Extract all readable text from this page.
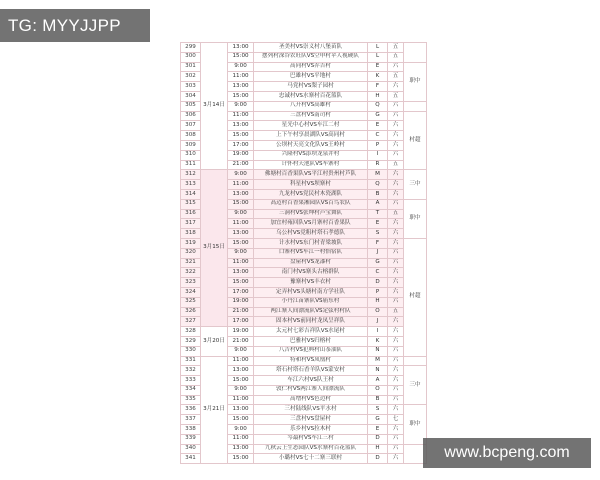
TG: MYYJJPP
299	3月14日	13:00	圣美村VS崇义村八堡苗队	L	五	
300		15:00	摆列村深谷农旺队VS空申村苹人视硬队	L	五	
301		9:00	高同村VS乔吉村	E	六	职中
302		11:00	巴雄村VS平地村	K	五	
303		13:00	马党村VS梨子园村	F	六	
304		15:00	忠诚村VS水寨村百花篮队	H	五	
305		9:00	八开村VS高雄村	Q	六	
306		11:00	三盘村VS南司村	G	六	村超
307		13:00	星光中心村VS车江二村	E	六	
308		15:00	上下午村享晨湖队VS高同村	C	六	
309		17:00	公坝村天亮文化队VS王岭村	P	六	
310		19:00	兴隆村VS添坝龙泉井村	I	六	
311		21:00	计怀村天池队VS车寨村	R	五	
312	3月15日	9:00	佛塘村百香果队VS平江村贵州村芦队	M	六	三中
313		11:00	科星村VS坝寨村	Q	六	
314		13:00	九龙村VS党民村木瓷湖队	B	六	
315		15:00	高迈村百香果湘园队VS百鸟农队	A	六	职中
316		9:00	三洞村VS张坤村芦宝舞队	T	五	
317		11:00	加宜村雍回队VS月寨村百香果队	E	六	
318		13:00	乌公村VS党粗村塔石孝德队	S	六	
319		15:00	计水村VS东门村青梁坡队	F	六	村超
320		9:00	口寨村VS车江一村怡宿队	J	六	
321		11:00	盘屋村VS龙漆村	G	六	
322		13:00	南门村VS寨头古榕群队	C	六	
323		15:00	豫寨村VS丰衣村	D	六	
324		17:00	定弄村VS头塘村南方学社队	P	六	
325		19:00	小丹江苗寨队VS庙东村	H	六	
326		21:00	两江寨人间漂流队VS定弦村村队	O	五	
327		17:00	固本村VS前同村龙凤呈祥队	J	六	
328	3月20日	19:00	太元村七彩吉祥队VS水尾村	I	六	
329		21:00	巴雅村VS归榕村	K	六	
330		9:00	八吉村VS犯典村山茶油队	N	六	
331	3月21日	11:00	特和村VS凤凰村	M	六	
332		13:00	塔石村塔石香羊队VS蒙安村	N	六	三中
333		15:00	车江六村VS队王村	A	六	
334		9:00	敦仁村VS两江寨人间漂流队	O	六	
335		11:00	高增村VS色边村	B	六	
336		13:00	三村陆线队VS平水村	S	六	职中
337		15:00	三盘村VS盘屋村	G	七	
338		9:00	乐乡村VS拉木村	E	六	
339		11:00	岑最村VS车江三村	D	六	
340		13:00	九秋云上生态园队VS水寨村百花篮队	H	六	
341		15:00	小璐村VS七十二寨三联村	D	六		www.bcpeng.com
